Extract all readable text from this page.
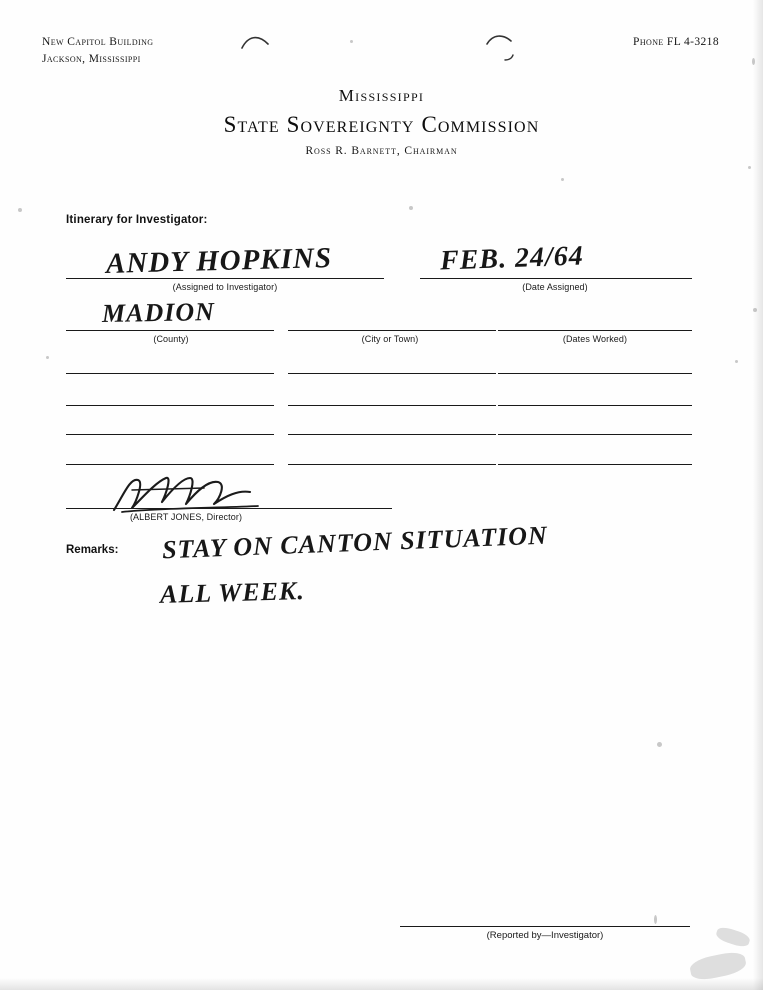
New Capitol Building
Jackson, Mississippi
Phone FL 4-3218
Mississippi
State Sovereignty Commission
Ross R. Barnett, Chairman
Itinerary for Investigator:
ANDY HOPKINS	FEB. 24/64
(Assigned to Investigator)	(Date Assigned)
MADION
(County)	(City or Town)	(Dates Worked)
(ALBERT JONES, Director)
Remarks: STAY ON CANTON SITUATION
ALL WEEK.
(Reported by—Investigator)
